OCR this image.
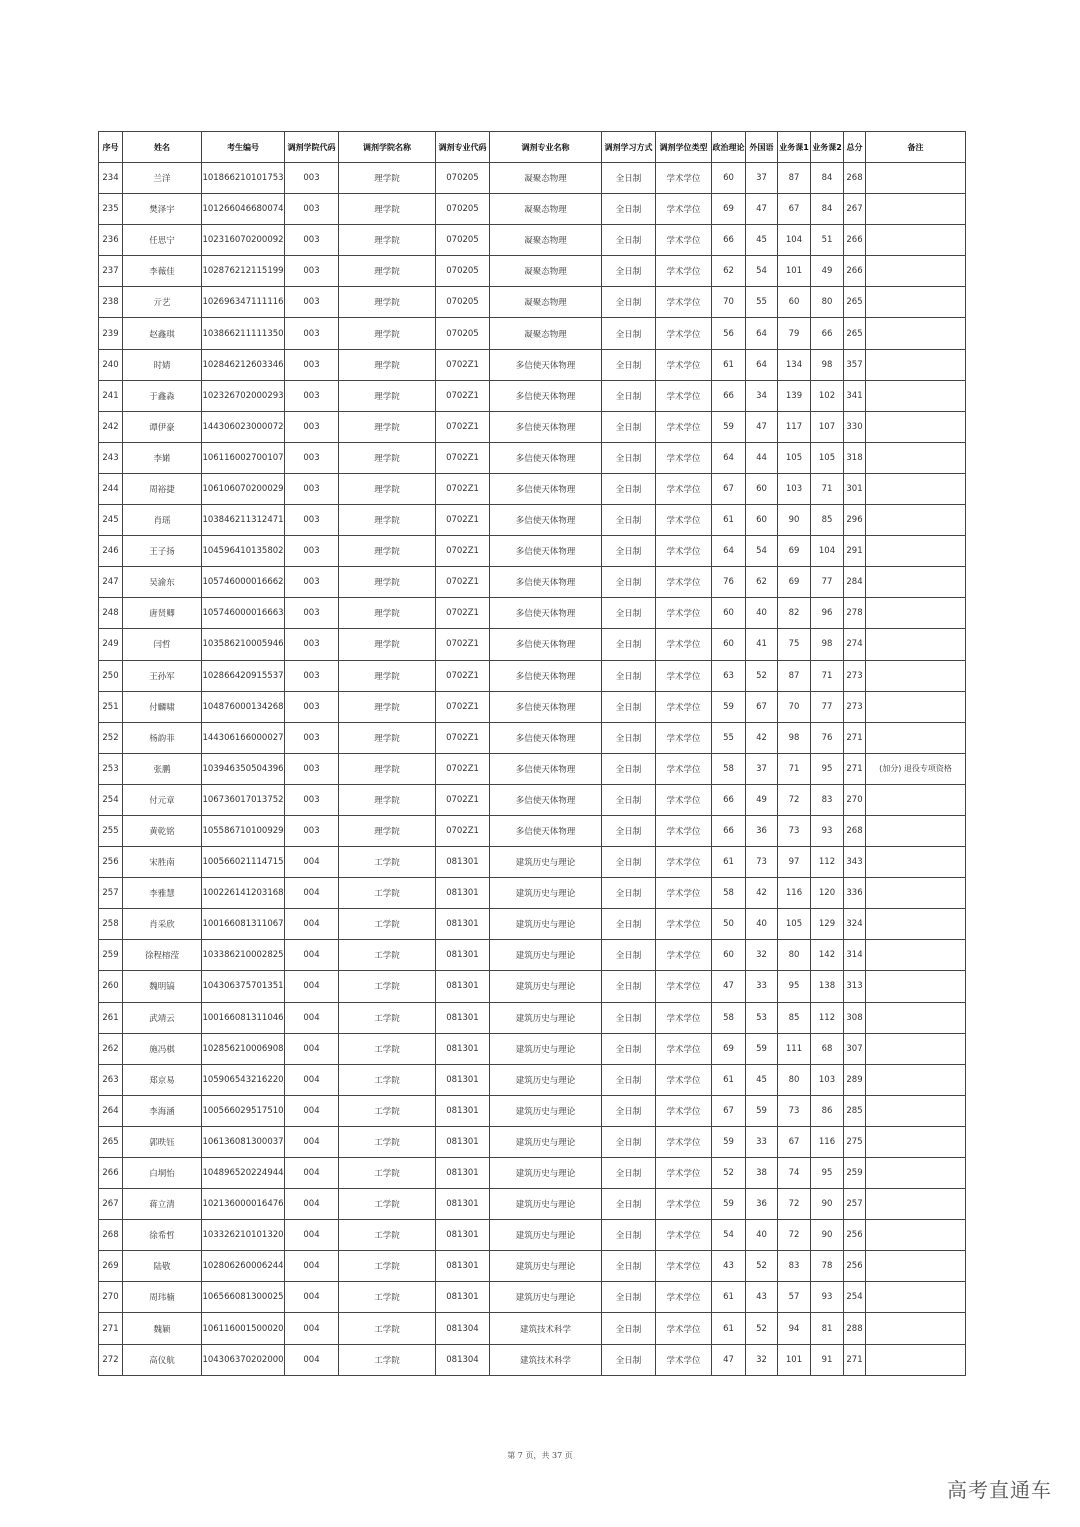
序号	姓名	考生编号	调剂学院代码	调剂学院名称	调剂专业代码	调剂专业名称	调剂学习方式	调剂学位类型	政治理论	外国语	业务课1	业务课2	总分	备注
234	兰洋	101866210101753	003	理学院	070205	凝聚态物理	全日制	学术学位	60	37	87	84	268	
235	樊泽宇	101266046680074	003	理学院	070205	凝聚态物理	全日制	学术学位	69	47	67	84	267	
236	任思宁	102316070200092	003	理学院	070205	凝聚态物理	全日制	学术学位	66	45	104	51	266	
237	李薇佳	102876212115199	003	理学院	070205	凝聚态物理	全日制	学术学位	62	54	101	49	266	
238	亓艺	102696347111116	003	理学院	070205	凝聚态物理	全日制	学术学位	70	55	60	80	265	
239	赵鑫琪	103866211111350	003	理学院	070205	凝聚态物理	全日制	学术学位	56	64	79	66	265	
240	时婧	102846212603346	003	理学院	0702Z1	多信使天体物理	全日制	学术学位	61	64	134	98	357	
241	于鑫淼	102326702000293	003	理学院	0702Z1	多信使天体物理	全日制	学术学位	66	34	139	102	341	
242	谭伊豪	144306023000072	003	理学院	0702Z1	多信使天体物理	全日制	学术学位	59	47	117	107	330	
243	李婼	106116002700107	003	理学院	0702Z1	多信使天体物理	全日制	学术学位	64	44	105	105	318	
244	周裕捷	106106070200029	003	理学院	0702Z1	多信使天体物理	全日制	学术学位	67	60	103	71	301	
245	肖瑶	103846211312471	003	理学院	0702Z1	多信使天体物理	全日制	学术学位	61	60	90	85	296	
246	王子扬	104596410135802	003	理学院	0702Z1	多信使天体物理	全日制	学术学位	64	54	69	104	291	
247	吴渝东	105746000016662	003	理学院	0702Z1	多信使天体物理	全日制	学术学位	76	62	69	77	284	
248	唐贤卿	105746000016663	003	理学院	0702Z1	多信使天体物理	全日制	学术学位	60	40	82	96	278	
249	闫哲	103586210005946	003	理学院	0702Z1	多信使天体物理	全日制	学术学位	60	41	75	98	274	
250	王孙军	102866420915537	003	理学院	0702Z1	多信使天体物理	全日制	学术学位	63	52	87	71	273	
251	付麟啸	104876000134268	003	理学院	0702Z1	多信使天体物理	全日制	学术学位	59	67	70	77	273	
252	杨韵菲	144306166000027	003	理学院	0702Z1	多信使天体物理	全日制	学术学位	55	42	98	76	271	
253	张鹏	103946350504396	003	理学院	0702Z1	多信使天体物理	全日制	学术学位	58	37	71	95	271	(加分) 退役专项资格
254	付元章	106736017013752	003	理学院	0702Z1	多信使天体物理	全日制	学术学位	66	49	72	83	270	
255	黄乾铭	105586710100929	003	理学院	0702Z1	多信使天体物理	全日制	学术学位	66	36	73	93	268	
256	宋胜南	100566021114715	004	工学院	081301	建筑历史与理论	全日制	学术学位	61	73	97	112	343	
257	李雅慧	100226141203168	004	工学院	081301	建筑历史与理论	全日制	学术学位	58	42	116	120	336	
258	肖采欣	100166081311067	004	工学院	081301	建筑历史与理论	全日制	学术学位	50	40	105	129	324	
259	徐程榕滢	103386210002825	004	工学院	081301	建筑历史与理论	全日制	学术学位	60	32	80	142	314	
260	魏明镐	104306375701351	004	工学院	081301	建筑历史与理论	全日制	学术学位	47	33	95	138	313	
261	武靖云	100166081311046	004	工学院	081301	建筑历史与理论	全日制	学术学位	58	53	85	112	308	
262	施冯棋	102856210006908	004	工学院	081301	建筑历史与理论	全日制	学术学位	69	59	111	68	307	
263	郑京易	105906543216220	004	工学院	081301	建筑历史与理论	全日制	学术学位	61	45	80	103	289	
264	李海涵	100566029517510	004	工学院	081301	建筑历史与理论	全日制	学术学位	67	59	73	86	285	
265	郭昳钰	106136081300037	004	工学院	081301	建筑历史与理论	全日制	学术学位	59	33	67	116	275	
266	白垌怡	104896520224944	004	工学院	081301	建筑历史与理论	全日制	学术学位	52	38	74	95	259	
267	蒋立清	102136000016476	004	工学院	081301	建筑历史与理论	全日制	学术学位	59	36	72	90	257	
268	徐希哲	103326210101320	004	工学院	081301	建筑历史与理论	全日制	学术学位	54	40	72	90	256	
269	陆敬	102806260006244	004	工学院	081301	建筑历史与理论	全日制	学术学位	43	52	83	78	256	
270	周玮楠	106566081300025	004	工学院	081301	建筑历史与理论	全日制	学术学位	61	43	57	93	254	
271	魏颖	106116001500020	004	工学院	081304	建筑技术科学	全日制	学术学位	61	52	94	81	288	
272	高仪航	104306370202000	004	工学院	081304	建筑技术科学	全日制	学术学位	47	32	101	91	271	
第 7 页，共 37 页
高考直通车
